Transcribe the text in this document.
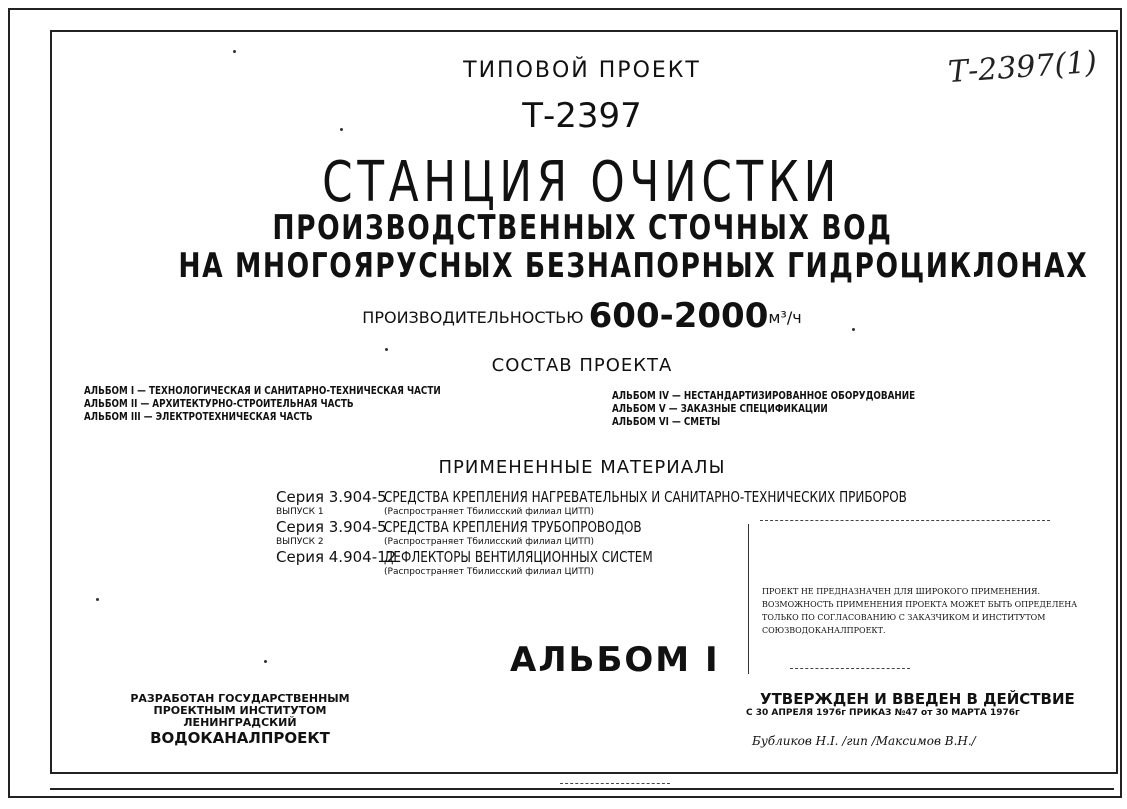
Т-2397(1)
ТИПОВОЙ ПРОЕКТ
Т-2397
СТАНЦИЯ ОЧИСТКИ
ПРОИЗВОДСТВЕННЫХ СТОЧНЫХ ВОД
НА МНОГОЯРУСНЫХ БЕЗНАПОРНЫХ ГИДРОЦИКЛОНАХ
ПРОИЗВОДИТЕЛЬНОСТЬЮ 600-2000м³/ч
СОСТАВ ПРОЕКТА
АЛЬБОМ I — ТЕХНОЛОГИЧЕСКАЯ И САНИТАРНО-ТЕХНИЧЕСКАЯ ЧАСТИ
АЛЬБОМ II — АРХИТЕКТУРНО-СТРОИТЕЛЬНАЯ ЧАСТЬ
АЛЬБОМ III — ЭЛЕКТРОТЕХНИЧЕСКАЯ ЧАСТЬ
АЛЬБОМ IV — НЕСТАНДАРТИЗИРОВАННОЕ ОБОРУДОВАНИЕ
АЛЬБОМ V — ЗАКАЗНЫЕ СПЕЦИФИКАЦИИ
АЛЬБОМ VI — СМЕТЫ
ПРИМЕНЕННЫЕ МАТЕРИАЛЫ
Серия 3.904-5
ВЫПУСК 1
Серия 3.904-5
ВЫПУСК 2
Серия 4.904-12
СРЕДСТВА КРЕПЛЕНИЯ НАГРЕВАТЕЛЬНЫХ И САНИТАРНО-ТЕХНИЧЕСКИХ ПРИБОРОВ

(Распространяет Тбилисский филиал ЦИТП)
СРЕДСТВА КРЕПЛЕНИЯ ТРУБОПРОВОДОВ

(Распространяет Тбилисский филиал ЦИТП)
ДЕФЛЕКТОРЫ ВЕНТИЛЯЦИОННЫХ СИСТЕМ

(Распространяет Тбилисский филиал ЦИТП)
ПРОЕКТ НЕ ПРЕДНАЗНАЧЕН ДЛЯ ШИРОКОГО ПРИМЕНЕНИЯ.
ВОЗМОЖНОСТЬ ПРИМЕНЕНИЯ ПРОЕКТА МОЖЕТ БЫТЬ ОПРЕДЕЛЕНА
ТОЛЬКО ПО СОГЛАСОВАНИЮ С ЗАКАЗЧИКОМ И ИНСТИТУТОМ
СОЮЗВОДОКАНАЛПРОЕКТ.
АЛЬБОМ I
РАЗРАБОТАН ГОСУДАРСТВЕННЫМ
ПРОЕКТНЫМ ИНСТИТУТОМ
ЛЕНИНГРАДСКИЙ
ВОДОКАНАЛПРОЕКТ
УТВЕРЖДЕН И ВВЕДЕН В ДЕЙСТВИЕ
С 30 АПРЕЛЯ 1976г ПРИКАЗ №47 от 30 МАРТА 1976г
Бубликов Н.І. /гип /Максимов В.Н./
